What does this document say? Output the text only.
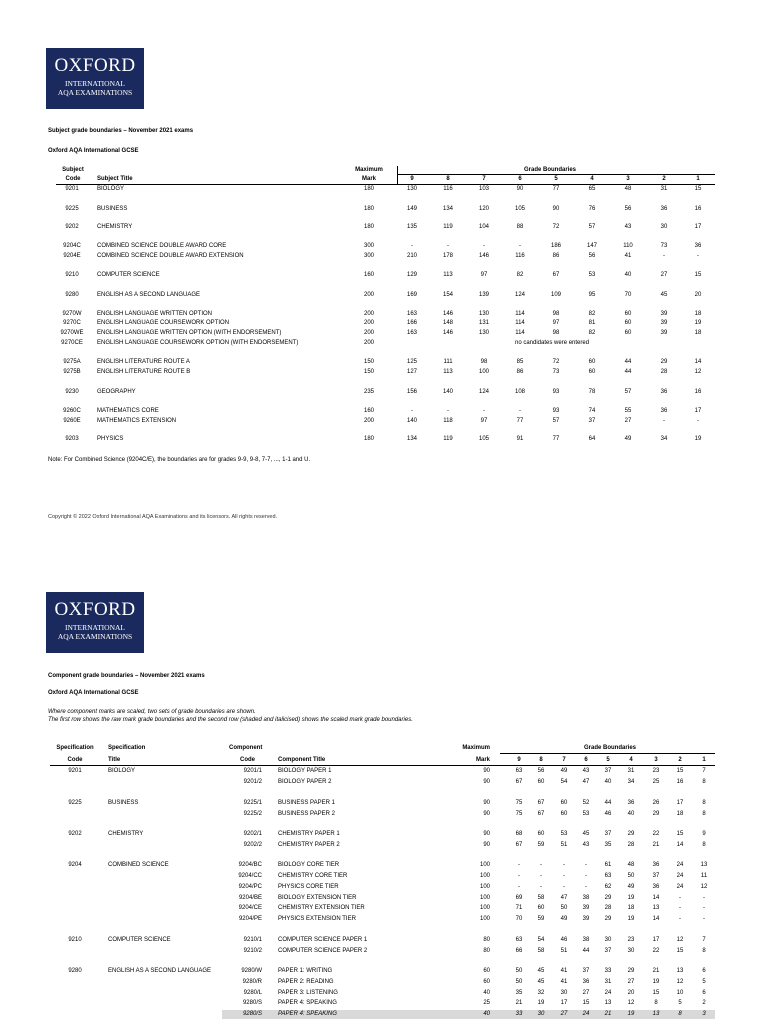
OXFORD
INTERNATIONAL
AQA EXAMINATIONS
Subject grade boundaries – November 2021 exams
Oxford AQA International GCSE
Subject
Code	Subject Title
Maximum
Mark
Grade Boundaries
9	8	7	6	5	4	3	2	1
9201	BIOLOGY	180	130	116	103	90	77	65	48	31	15
9225	BUSINESS	180	149	134	120	105	90	76	56	36	16
9202	CHEMISTRY	180	135	119	104	88	72	57	43	30	17
9204C	COMBINED SCIENCE DOUBLE AWARD CORE	300	-	-	-	-	186	147	110	73	36
9204E	COMBINED SCIENCE DOUBLE AWARD EXTENSION	300	210	178	146	116	86	56	41	-	-
9210	COMPUTER SCIENCE	160	129	113	97	82	67	53	40	27	15
9280	ENGLISH AS A SECOND LANGUAGE	200	169	154	139	124	109	95	70	45	20
9270W	ENGLISH LANGUAGE WRITTEN OPTION	200	163	146	130	114	98	82	60	39	18
9270C	ENGLISH LANGUAGE COURSEWORK OPTION	200	166	148	131	114	97	81	60	39	19
9270WE	ENGLISH LANGUAGE WRITTEN OPTION (WITH ENDORSEMENT)	200	163	146	130	114	98	82	60	39	18
9270CE	ENGLISH LANGUAGE COURSEWORK OPTION (WITH ENDORSEMENT)	200	no candidates were entered
9275A	ENGLISH LITERATURE ROUTE A	150	125	111	98	85	72	60	44	29	14
9275B	ENGLISH LITERATURE ROUTE B	150	127	113	100	86	73	60	44	28	12
9230	GEOGRAPHY	235	156	140	124	108	93	78	57	36	16
9260C	MATHEMATICS CORE	160	-	-	-	-	93	74	55	36	17
9260E	MATHEMATICS EXTENSION	200	140	118	97	77	57	37	27	-	-
9203	PHYSICS	180	134	119	105	91	77	64	49	34	19
Note: For Combined Science (9204C/E), the boundaries are for grades 9-9, 9-8, 7-7, ..., 1-1 and U.
Copyright © 2022 Oxford International AQA Examinations and its licensors. All rights reserved.
OXFORD
INTERNATIONAL
AQA EXAMINATIONS
Component grade boundaries – November 2021 exams
Oxford AQA International GCSE
Where component marks are scaled, two sets of grade boundaries are shown.
The first row shows the raw mark grade boundaries and the second row (shaded and italicised) shows the scaled mark grade boundaries.
Specification
Code
Specification
Title
Component
Code	Component Title
Maximum
Mark
Grade Boundaries
9	8	7	6	5	4	3	2	1
9201	BIOLOGY	9201/1	BIOLOGY PAPER 1	90	63	56	49	43	37	31	23	15	7
9201/2	BIOLOGY PAPER 2	90	67	60	54	47	40	34	25	16	8
9225	BUSINESS	9225/1	BUSINESS PAPER 1	90	75	67	60	52	44	36	26	17	8
9225/2	BUSINESS PAPER 2	90	75	67	60	53	46	40	29	18	8
9202	CHEMISTRY	9202/1	CHEMISTRY PAPER 1	90	68	60	53	45	37	29	22	15	9
9202/2	CHEMISTRY PAPER 2	90	67	59	51	43	35	28	21	14	8
9204	COMBINED SCIENCE	9204/BC	BIOLOGY CORE TIER	100	-	-	-	-	61	48	36	24	13
9204/CC	CHEMISTRY CORE TIER	100	-	-	-	-	63	50	37	24	11
9204/PC	PHYSICS CORE TIER	100	-	-	-	-	62	49	36	24	12
9204/BE	BIOLOGY EXTENSION TIER	100	69	58	47	38	29	19	14	-	-
9204/CE	CHEMISTRY EXTENSION TIER	100	71	60	50	39	28	18	13	-	-
9204/PE	PHYSICS EXTENSION TIER	100	70	59	49	39	29	19	14	-	-
9210	COMPUTER SCIENCE	9210/1	COMPUTER SCIENCE PAPER 1	80	63	54	46	38	30	23	17	12	7
9210/2	COMPUTER SCIENCE PAPER 2	80	66	58	51	44	37	30	22	15	8
9280	ENGLISH AS A SECOND LANGUAGE	9280/W	PAPER 1: WRITING	60	50	45	41	37	33	29	21	13	6
9280/R	PAPER 2: READING	60	50	45	41	36	31	27	19	12	5
9280/L	PAPER 3: LISTENING	40	35	32	30	27	24	20	15	10	6
9280/S	PAPER 4: SPEAKING	25	21	19	17	15	13	12	8	5	2
9280/S	PAPER 4: SPEAKING	40	33	30	27	24	21	19	13	8	3
